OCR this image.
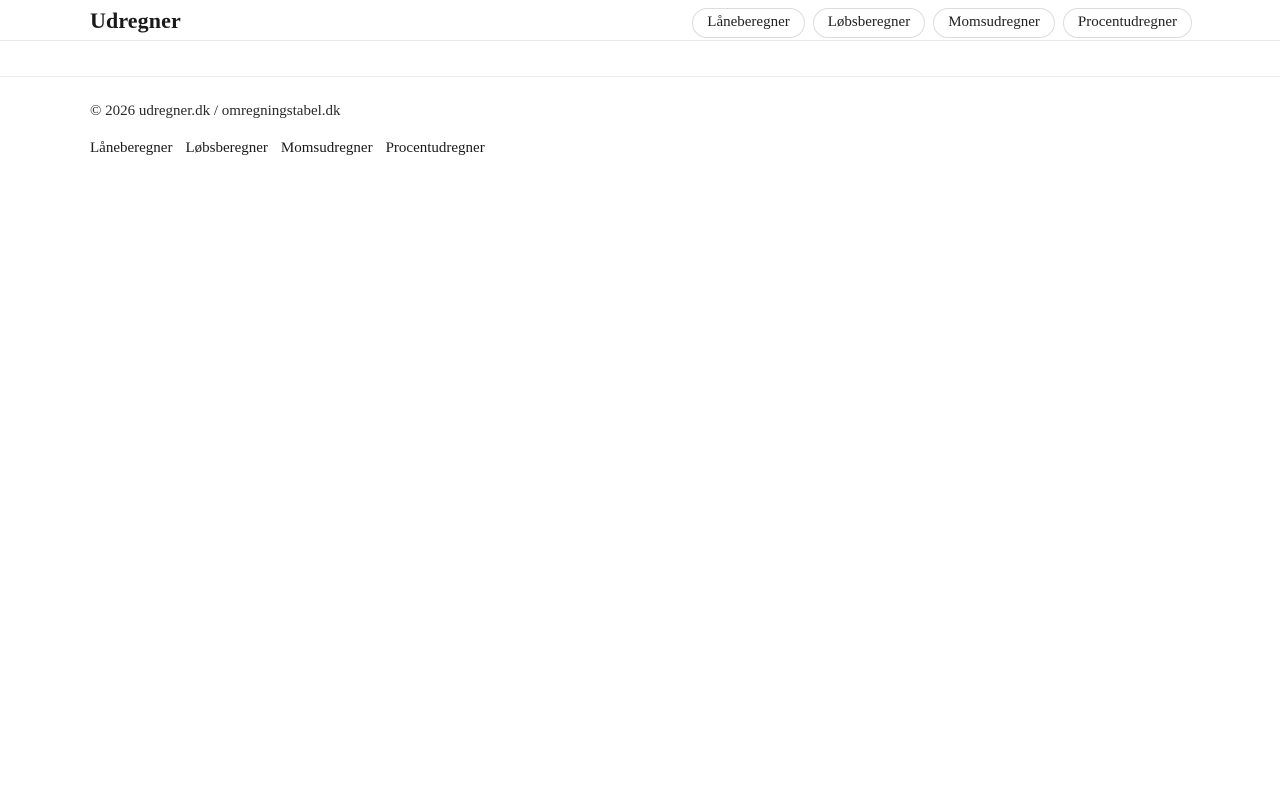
Udregner	Låneberegner	Løbsberegner	Momsudregner	Procentudregner

© 2026 udregner.dk / omregningstabel.dk

Låneberegner Løbsberegner Momsudregner Procentudregner
